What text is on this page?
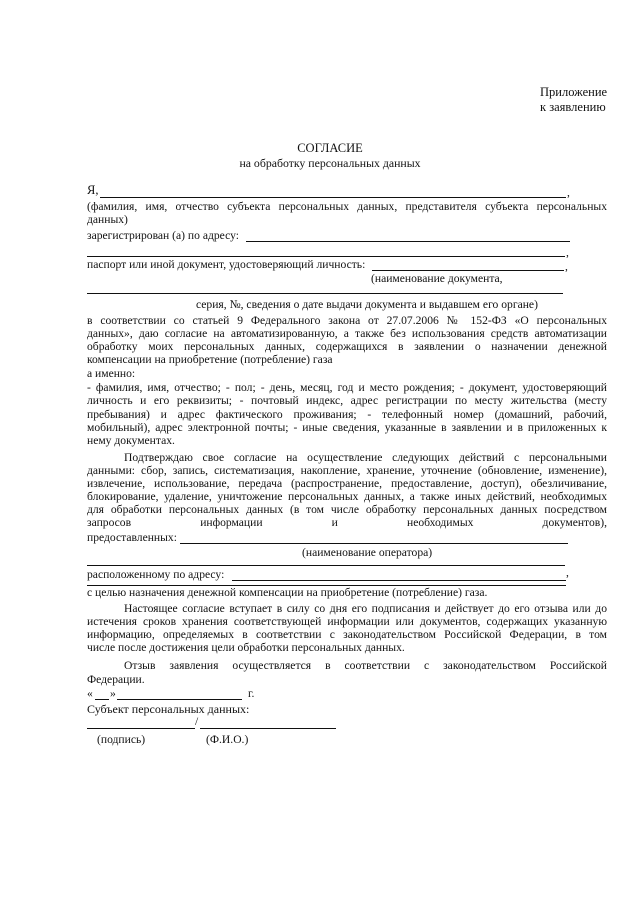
Приложение
к заявлению
СОГЛАСИЕ
на обработку персональных данных
Я,	,
(фамилия, имя, отчество субъекта персональных данных, представителя субъекта персональных
данных)
зарегистрирован (а) по адресу:
,
паспорт или иной документ, удостоверяющий личность:	,
(наименование документа,
серия, №, сведения о дате выдачи документа и выдавшем его органе)
в соответствии со статьей 9 Федерального закона от 27.07.2006 № 152-ФЗ «О персональных
данных», даю согласие на автоматизированную, а также без использования средств автоматизации
обработку моих персональных данных, содержащихся в заявлении о назначении денежной
компенсации на приобретение (потребление) газа
а именно:
- фамилия, имя, отчество; - пол; - день, месяц, год и место рождения; - документ, удостоверяющий
личность и его реквизиты; - почтовый индекс, адрес регистрации по месту жительства (месту
пребывания) и адрес фактического проживания; - телефонный номер (домашний, рабочий,
мобильный), адрес электронной почты; - иные сведения, указанные в заявлении и в приложенных к
нему документах.
Подтверждаю свое согласие на осуществление следующих действий с персональными
данными: сбор, запись, систематизация, накопление, хранение, уточнение (обновление, изменение),
извлечение, использование, передача (распространение, предоставление, доступ), обезличивание,
блокирование, удаление, уничтожение персональных данных, а также иных действий, необходимых
для обработки персональных данных (в том числе обработку персональных данных посредством
запросов информации и необходимых документов),
предоставленных:
(наименование оператора)
расположенному по адресу:	,
с целью назначения денежной компенсации на приобретение (потребление) газа.
Настоящее согласие вступает в силу со дня его подписания и действует до его отзыва или до
истечения сроков хранения соответствующей информации или документов, содержащих указанную
информацию, определяемых в соответствии с законодательством Российской Федерации, в том
числе после достижения цели обработки персональных данных.
Отзыв заявления осуществляется в соответствии с законодательством Российской
Федерации.
« »	г.
Субъект персональных данных:
/
(подпись)	(Ф.И.О.)
